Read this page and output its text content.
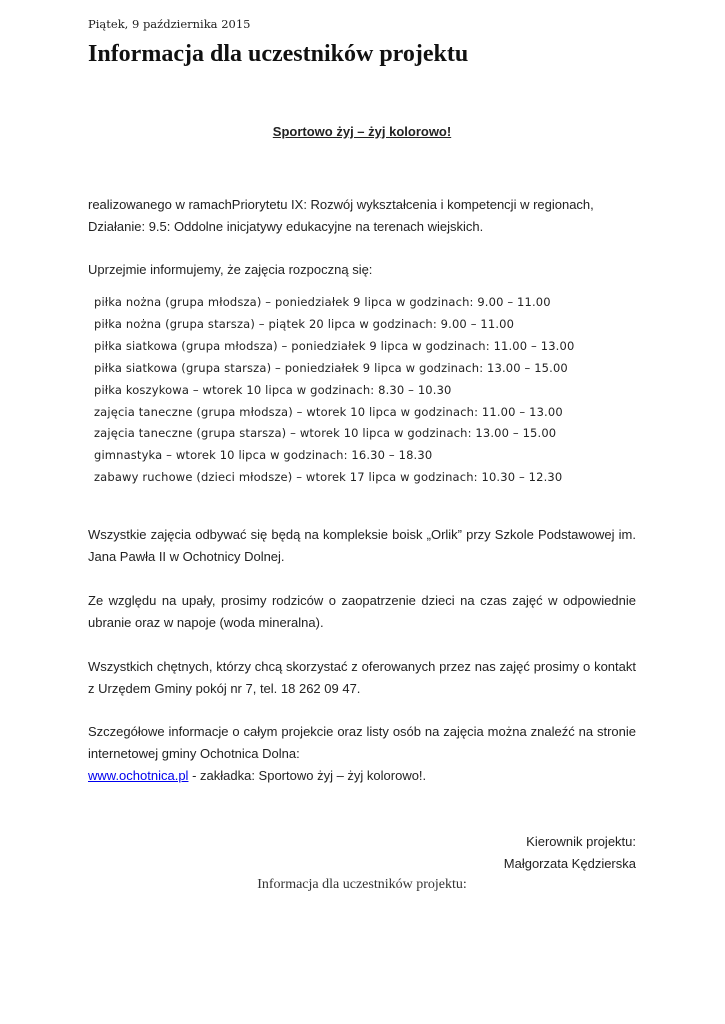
Piątek, 9 października 2015
Informacja dla uczestników projektu
Sportowo żyj – żyj kolorowo!

realizowanego w ramachPriorytetu IX: Rozwój wykształcenia i kompetencji w regionach,
Działanie: 9.5: Oddolne inicjatywy edukacyjne na terenach wiejskich.

Uprzejmie informujemy, że zajęcia rozpoczną się:

piłka nożna (grupa młodsza) – poniedziałek 9 lipca w godzinach: 9.00 – 11.00
piłka nożna (grupa starsza) – piątek 20 lipca w godzinach: 9.00 – 11.00
piłka siatkowa (grupa młodsza) – poniedziałek 9 lipca w godzinach: 11.00 – 13.00
piłka siatkowa (grupa starsza) – poniedziałek 9 lipca w godzinach: 13.00 – 15.00
piłka koszykowa – wtorek 10 lipca w godzinach: 8.30 – 10.30
zajęcia taneczne (grupa młodsza) – wtorek 10 lipca w godzinach: 11.00 – 13.00
zajęcia taneczne (grupa starsza) – wtorek 10 lipca w godzinach: 13.00 – 15.00
gimnastyka – wtorek 10 lipca w godzinach: 16.30 – 18.30
zabawy ruchowe (dzieci młodsze) – wtorek 17 lipca w godzinach: 10.30 – 12.30

Wszystkie zajęcia odbywać się będą na kompleksie boisk „Orlik” przy Szkole Podstawowej im. Jana Pawła II w Ochotnicy Dolnej.

Ze względu na upały, prosimy rodziców o zaopatrzenie dzieci na czas zajęć w odpowiednie ubranie oraz w napoje (woda mineralna).

Wszystkich chętnych, którzy chcą skorzystać z oferowanych przez nas zajęć prosimy o kontakt z Urzędem Gminy pokój nr 7, tel. 18 262 09 47.

Szczegółowe informacje o całym projekcie oraz listy osób na zajęcia można znaleźć na stronie internetowej gminy Ochotnica Dolna:
www.ochotnica.pl - zakładka: Sportowo żyj – żyj kolorowo!.

Kierownik projektu:
Małgorzata Kędzierska
Informacja dla uczestników projektu:
